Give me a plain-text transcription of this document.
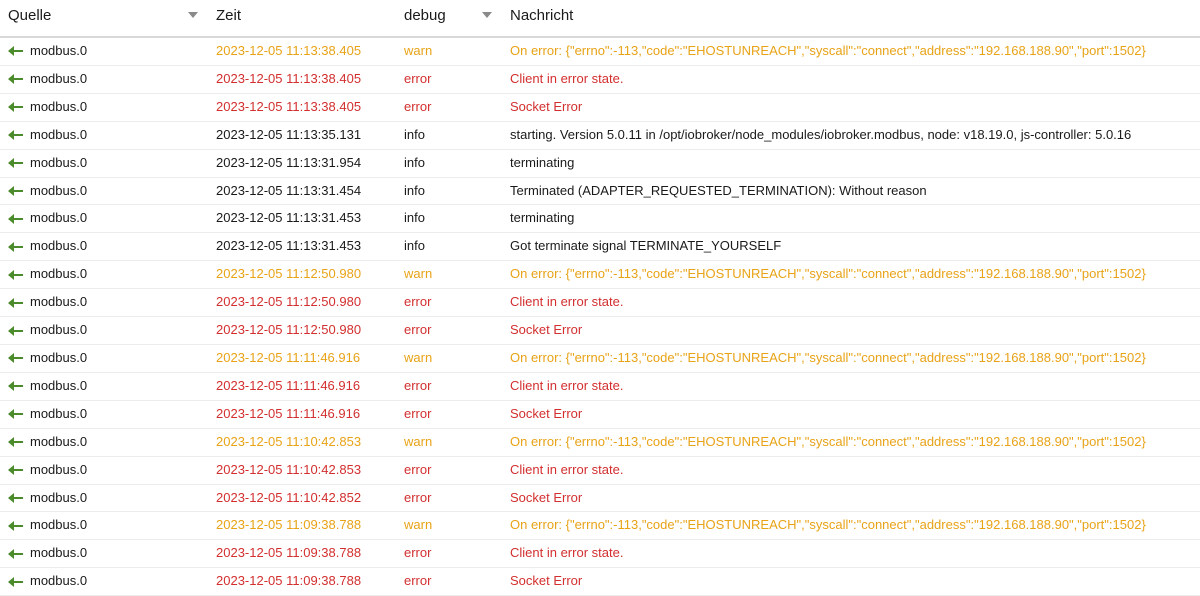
Quelle	Zeit	debug	Nachricht

modbus.0	2023-12-05 11:13:38.405	warn	On error: {"errno":-113,"code":"EHOSTUNREACH","syscall":"connect","address":"192.168.188.90","port":1502}

modbus.0	2023-12-05 11:13:38.405	error	Client in error state.

modbus.0	2023-12-05 11:13:38.405	error	Socket Error

modbus.0	2023-12-05 11:13:35.131	info	starting. Version 5.0.11 in /opt/iobroker/node_modules/iobroker.modbus, node: v18.19.0, js-controller: 5.0.16

modbus.0	2023-12-05 11:13:31.954	info	terminating

modbus.0	2023-12-05 11:13:31.454	info	Terminated (ADAPTER_REQUESTED_TERMINATION): Without reason

modbus.0	2023-12-05 11:13:31.453	info	terminating

modbus.0	2023-12-05 11:13:31.453	info	Got terminate signal TERMINATE_YOURSELF

modbus.0	2023-12-05 11:12:50.980	warn	On error: {"errno":-113,"code":"EHOSTUNREACH","syscall":"connect","address":"192.168.188.90","port":1502}

modbus.0	2023-12-05 11:12:50.980	error	Client in error state.

modbus.0	2023-12-05 11:12:50.980	error	Socket Error

modbus.0	2023-12-05 11:11:46.916	warn	On error: {"errno":-113,"code":"EHOSTUNREACH","syscall":"connect","address":"192.168.188.90","port":1502}

modbus.0	2023-12-05 11:11:46.916	error	Client in error state.

modbus.0	2023-12-05 11:11:46.916	error	Socket Error

modbus.0	2023-12-05 11:10:42.853	warn	On error: {"errno":-113,"code":"EHOSTUNREACH","syscall":"connect","address":"192.168.188.90","port":1502}

modbus.0	2023-12-05 11:10:42.853	error	Client in error state.

modbus.0	2023-12-05 11:10:42.852	error	Socket Error

modbus.0	2023-12-05 11:09:38.788	warn	On error: {"errno":-113,"code":"EHOSTUNREACH","syscall":"connect","address":"192.168.188.90","port":1502}

modbus.0	2023-12-05 11:09:38.788	error	Client in error state.

modbus.0	2023-12-05 11:09:38.788	error	Socket Error
